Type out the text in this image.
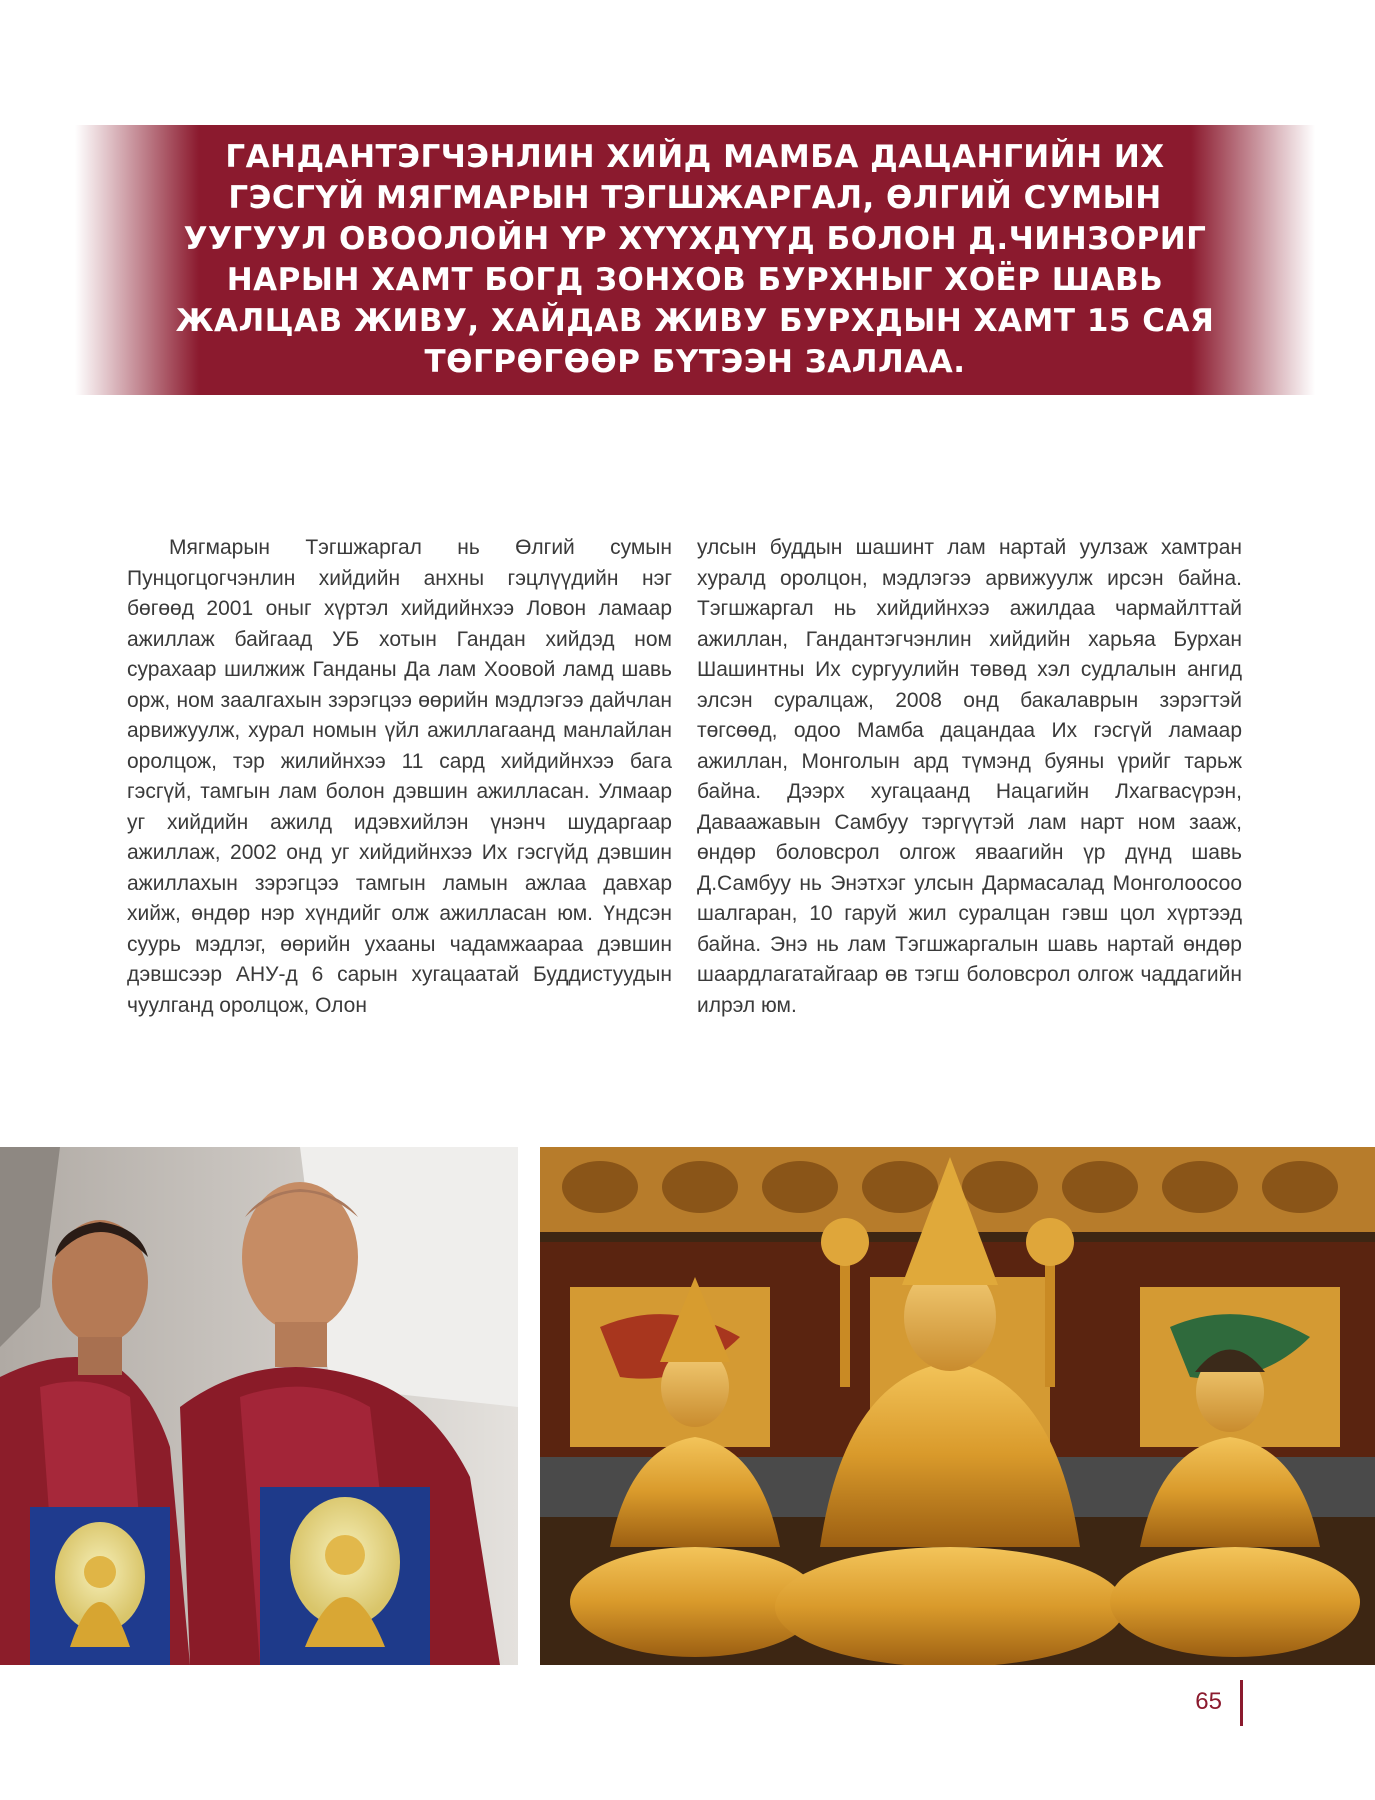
ГАНДАНТЭГЧЭНЛИН ХИЙД МАМБА ДАЦАНГИЙН ИХ ГЭСГҮЙ МЯГМАРЫН ТЭГШЖАРГАЛ, ӨЛГИЙ СУМЫН УУГУУЛ ОВООЛОЙН ҮР ХҮҮХДҮҮД БОЛОН Д.ЧИНЗОРИГ НАРЫН ХАМТ БОГД ЗОНХОВ БУРХНЫГ ХОЁР ШАВЬ ЖАЛЦАВ ЖИВУ, ХАЙДАВ ЖИВУ БУРХДЫН ХАМТ 15 САЯ ТӨГРӨГӨӨР БҮТЭЭН ЗАЛЛАА.

Мягмарын Тэгшжаргал нь Өлгий сумын Пунцогцогчэнлин хийдийн анхны гэцлүүдийн нэг бөгөөд 2001 оныг хүртэл хийдийнхээ Ловон ламаар ажиллаж байгаад УБ хотын Гандан хийдэд ном сурахаар шилжиж Ганданы Да лам Хоовой ламд шавь орж, ном заалгахын зэрэгцээ өөрийн мэдлэгээ дайчлан арвижуулж, хурал номын үйл ажиллагаанд манлайлан оролцож, тэр жилийнхээ 11 сард хийдийнхээ бага гэсгүй, тамгын лам болон дэвшин ажилласан. Улмаар уг хийдийн ажилд идэвхийлэн үнэнч шударгаар ажиллаж, 2002 онд уг хийдийнхээ Их гэсгүйд дэвшин ажиллахын зэрэгцээ тамгын ламын ажлаа давхар хийж, өндөр нэр хүндийг олж ажилласан юм. Үндсэн суурь мэдлэг, өөрийн ухааны чадамжаараа дэвшин дэвшсээр АНУ-д 6 сарын хугацаатай Буддистуудын чуулганд оролцож, Олон

улсын буддын шашинт лам нартай уулзаж хамтран хуралд оролцон, мэдлэгээ арвижуулж ирсэн байна. Тэгшжаргал нь хийдийнхээ ажилдаа чармайлттай ажиллан, Гандантэгчэнлин хийдийн харьяа Бурхан Шашинтны Их сургуулийн төвөд хэл судлалын ангид элсэн суралцаж, 2008 онд бакалаврын зэрэгтэй төгсөөд, одоо Мамба дацандаа Их гэсгүй ламаар ажиллан, Монголын ард түмэнд буяны үрийг тарьж байна. Дээрх хугацаанд Нацагийн Лхагвасүрэн, Даваажавын Самбуу тэргүүтэй лам нарт ном зааж, өндөр боловсрол олгож яваагийн үр дүнд шавь Д.Самбуу нь Энэтхэг улсын Дармасалад Монголоосоо шалгаран, 10 гаруй жил суралцан гэвш цол хүртээд байна. Энэ нь лам Тэгшжаргалын шавь нартай өндөр шаардлагатайгаар өв тэгш боловсрол олгож чаддагийн илрэл юм.

65
